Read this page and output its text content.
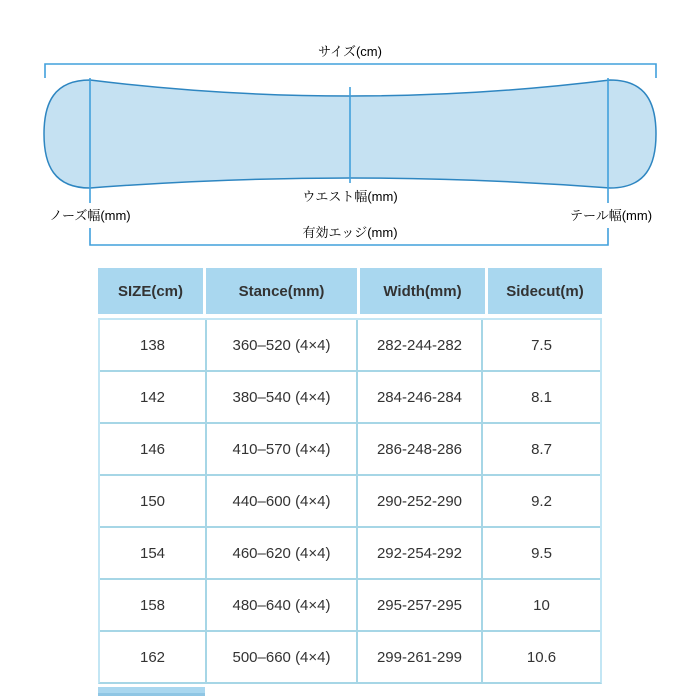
サイズ(cm)
ウエスト幅(mm)
ノーズ幅(mm)	テール幅(mm)
有効エッジ(mm)
SIZE(cm)	Stance(mm)	Width(mm)	Sidecut(m)
138	360–520 (4×4)	282-244-282	7.5
142	380–540 (4×4)	284-246-284	8.1
146	410–570 (4×4)	286-248-286	8.7
150	440–600 (4×4)	290-252-290	9.2
154	460–620 (4×4)	292-254-292	9.5
158	480–640 (4×4)	295-257-295	10
162	500–660 (4×4)	299-261-299	10.6
